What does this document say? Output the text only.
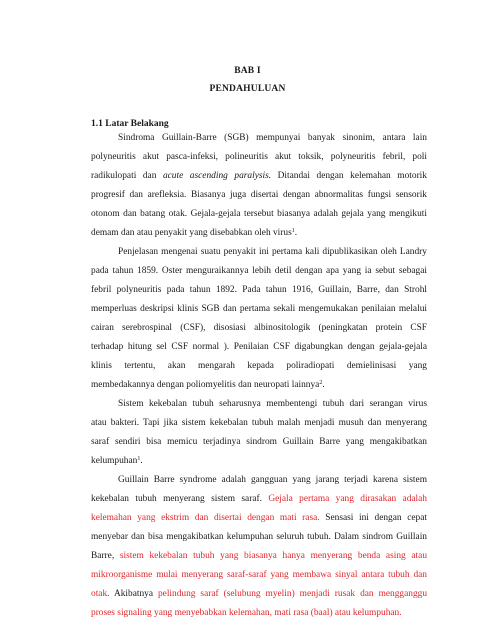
BAB I
PENDAHULUAN
1.1 Latar Belakang
Sindroma Guillain-Barre (SGB) mempunyai banyak sinonim, antara lain
polyneuritis akut pasca-infeksi, polineuritis akut toksik, polyneuritis febril, poli
radikulopati dan acute ascending paralysis. Ditandai dengan kelemahan motorik
progresif dan arefleksia. Biasanya juga disertai dengan abnormalitas fungsi sensorik
otonom dan batang otak. Gejala-gejala tersebut biasanya adalah gejala yang mengikuti
demam dan atau penyakit yang disebabkan oleh virus$^1$.
Penjelasan mengenai suatu penyakit ini pertama kali dipublikasikan oleh Landry
pada tahun 1859. Oster menguraikannya lebih detil dengan apa yang ia sebut sebagai
febril polyneuritis pada tahun 1892. Pada tahun 1916, Guillain, Barre, dan Strohl
memperluas deskripsi klinis SGB dan pertama sekali mengemukakan penilaian melalui
cairan serebrospinal (CSF), disosiasi albinositologik (peningkatan protein CSF
terhadap hitung sel CSF normal ). Penilaian CSF digabungkan dengan gejala-gejala
klinis tertentu, akan mengarah kepada poliradiopati demielinisasi yang
membedakannya dengan poliomyelitis dan neuropati lainnya$^2$.
Sistem kekebalan tubuh seharusnya membentengi tubuh dari serangan virus
atau bakteri. Tapi jika sistem kekebalan tubuh malah menjadi musuh dan menyerang
saraf sendiri bisa memicu terjadinya sindrom Guillain Barre yang mengakibatkan
kelumpuhan$^1$.
Guillain Barre syndrome adalah gangguan yang jarang terjadi karena sistem
kekebalan tubuh menyerang sistem saraf. Gejala pertama yang dirasakan adalah
kelemahan yang ekstrim dan disertai dengan mati rasa. Sensasi ini dengan cepat
menyebar dan bisa mengakibatkan kelumpuhan seluruh tubuh. Dalam sindrom Guillain
Barre, sistem kekebalan tubuh yang biasanya hanya menyerang benda asing atau
mikroorganisme mulai menyerang saraf-saraf yang membawa sinyal antara tubuh dan
otak. Akibatnya pelindung saraf (selubung myelin) menjadi rusak dan mengganggu
proses signaling yang menyebabkan kelemahan, mati rasa (baal) atau kelumpuhan.
